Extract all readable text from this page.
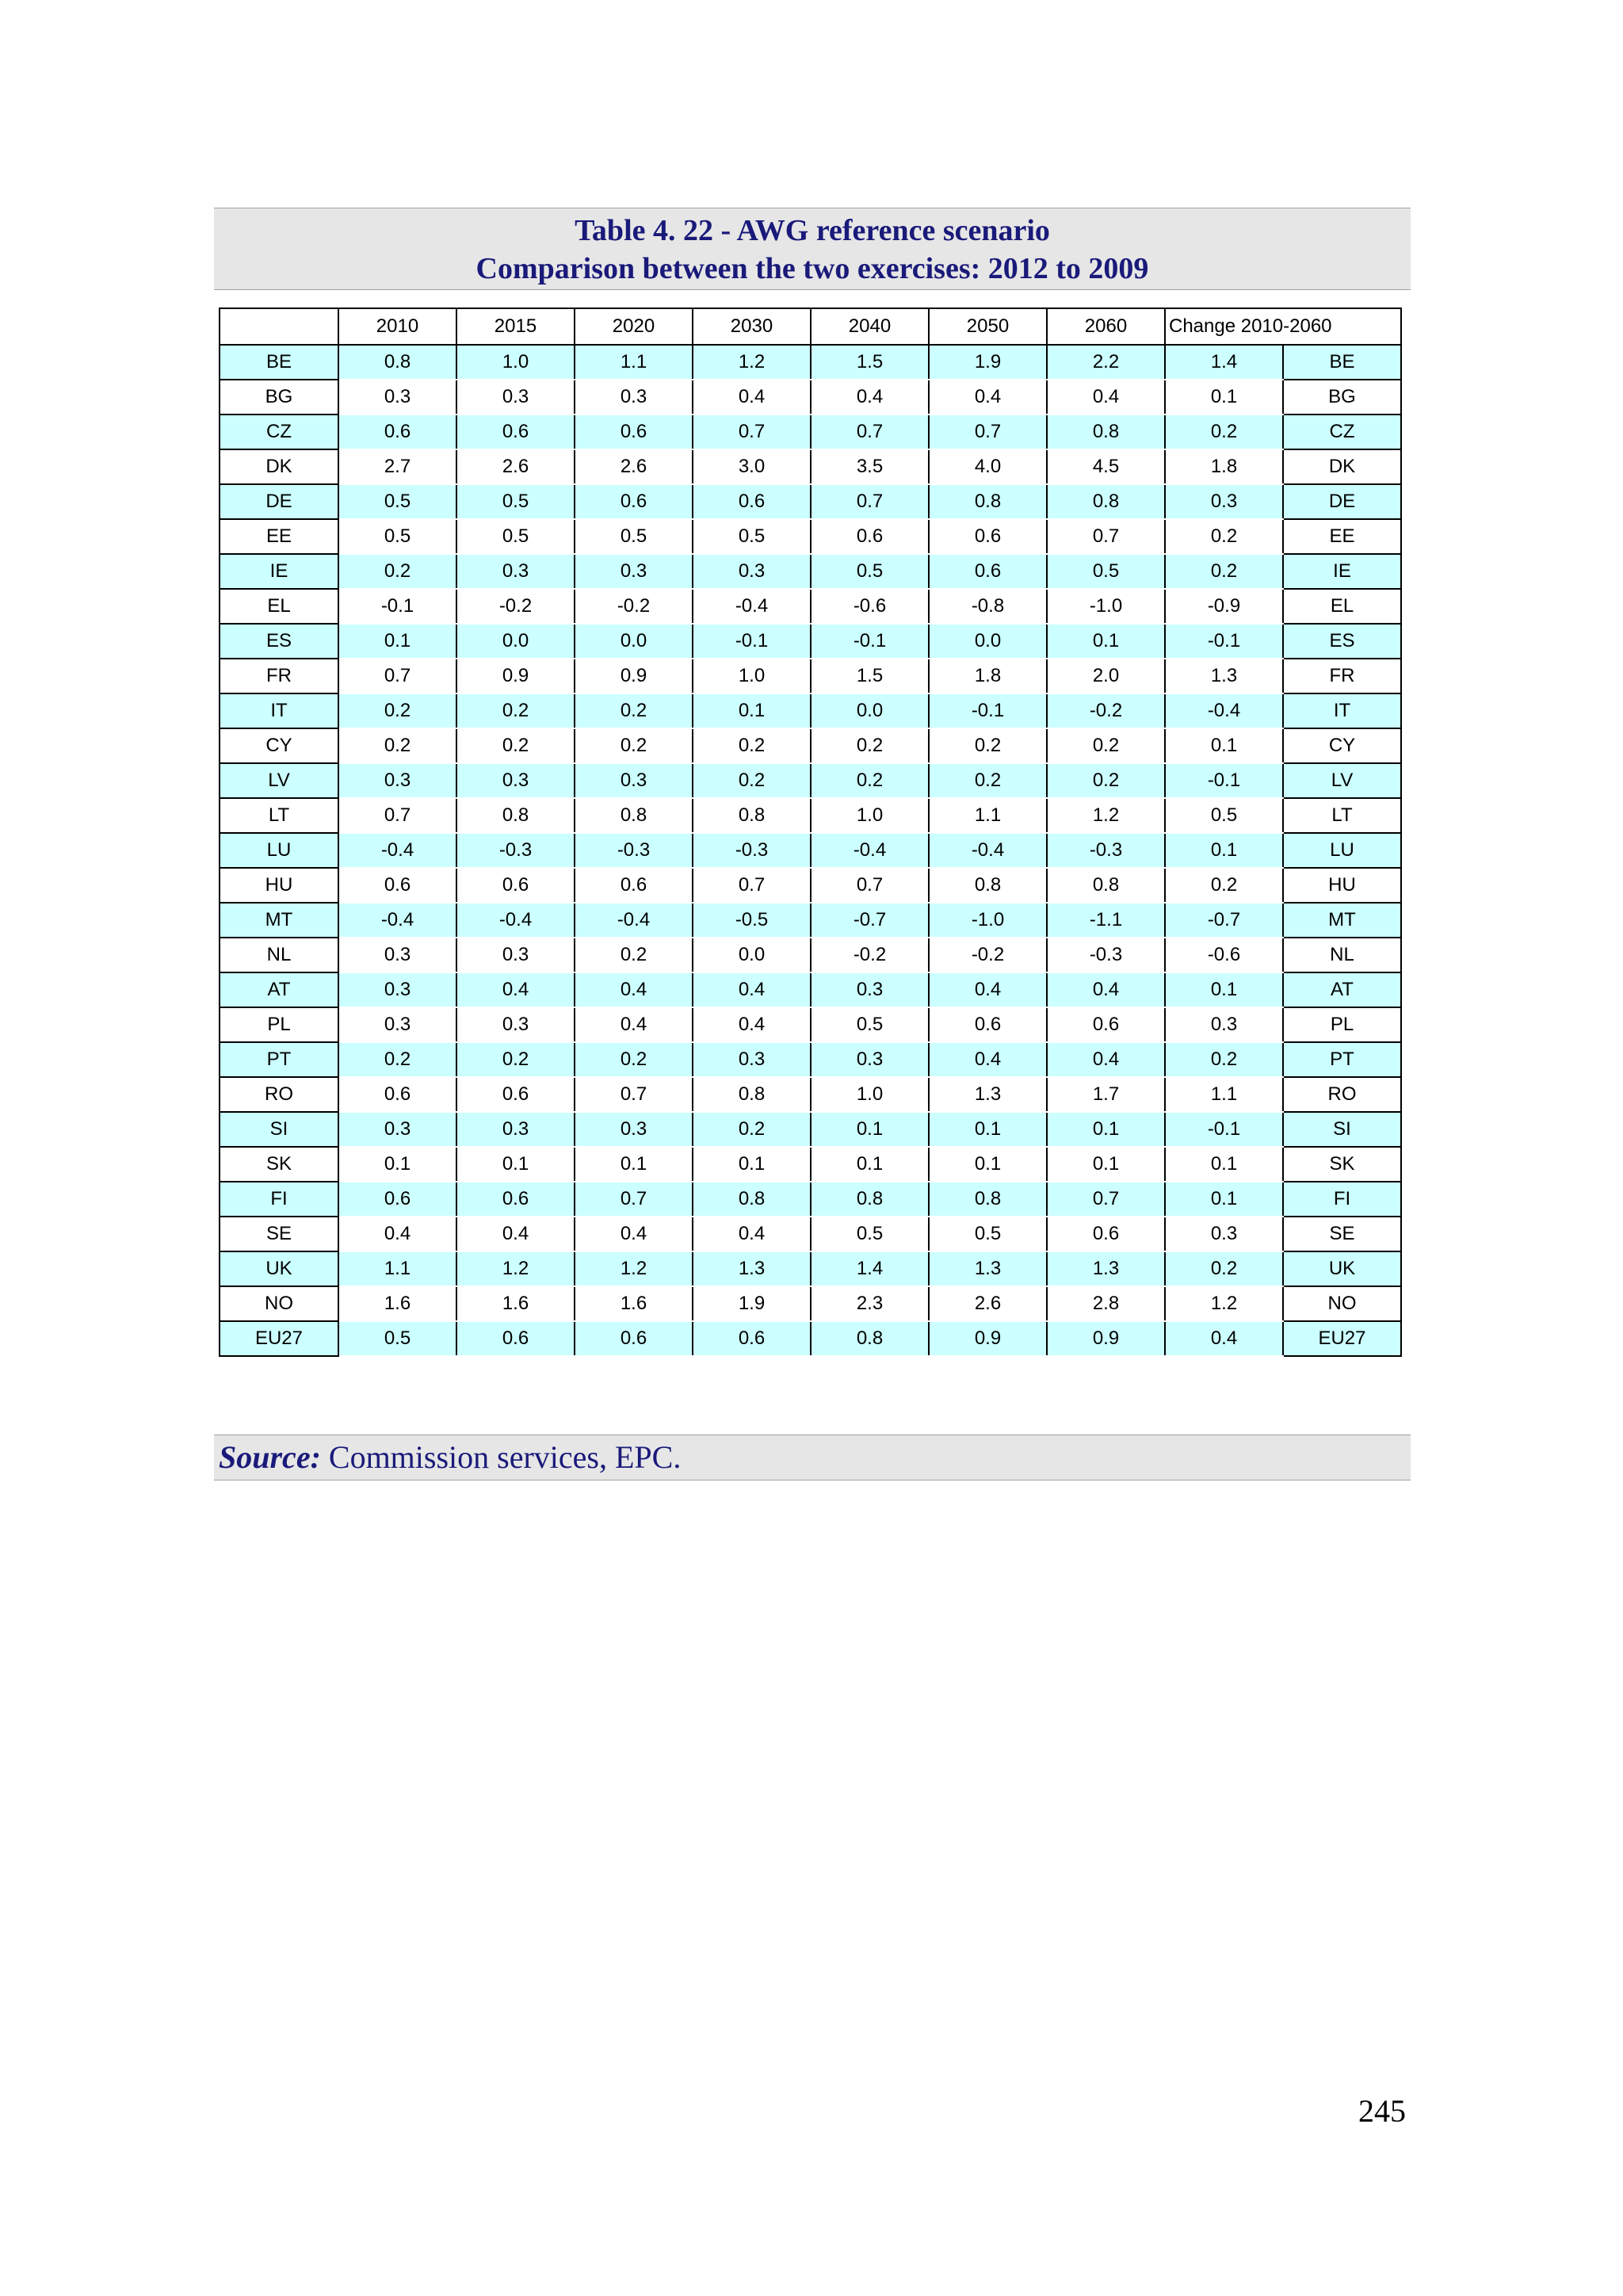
Table 4. 22 - AWG reference scenario
Comparison between the two exercises: 2012 to 2009
	2010	2015	2020	2030	2040	2050	2060	Change 2010-2060	
BE	0.8	1.0	1.1	1.2	1.5	1.9	2.2	1.4	BE
BG	0.3	0.3	0.3	0.4	0.4	0.4	0.4	0.1	BG
CZ	0.6	0.6	0.6	0.7	0.7	0.7	0.8	0.2	CZ
DK	2.7	2.6	2.6	3.0	3.5	4.0	4.5	1.8	DK
DE	0.5	0.5	0.6	0.6	0.7	0.8	0.8	0.3	DE
EE	0.5	0.5	0.5	0.5	0.6	0.6	0.7	0.2	EE
IE	0.2	0.3	0.3	0.3	0.5	0.6	0.5	0.2	IE
EL	-0.1	-0.2	-0.2	-0.4	-0.6	-0.8	-1.0	-0.9	EL
ES	0.1	0.0	0.0	-0.1	-0.1	0.0	0.1	-0.1	ES
FR	0.7	0.9	0.9	1.0	1.5	1.8	2.0	1.3	FR
IT	0.2	0.2	0.2	0.1	0.0	-0.1	-0.2	-0.4	IT
CY	0.2	0.2	0.2	0.2	0.2	0.2	0.2	0.1	CY
LV	0.3	0.3	0.3	0.2	0.2	0.2	0.2	-0.1	LV
LT	0.7	0.8	0.8	0.8	1.0	1.1	1.2	0.5	LT
LU	-0.4	-0.3	-0.3	-0.3	-0.4	-0.4	-0.3	0.1	LU
HU	0.6	0.6	0.6	0.7	0.7	0.8	0.8	0.2	HU
MT	-0.4	-0.4	-0.4	-0.5	-0.7	-1.0	-1.1	-0.7	MT
NL	0.3	0.3	0.2	0.0	-0.2	-0.2	-0.3	-0.6	NL
AT	0.3	0.4	0.4	0.4	0.3	0.4	0.4	0.1	AT
PL	0.3	0.3	0.4	0.4	0.5	0.6	0.6	0.3	PL
PT	0.2	0.2	0.2	0.3	0.3	0.4	0.4	0.2	PT
RO	0.6	0.6	0.7	0.8	1.0	1.3	1.7	1.1	RO
SI	0.3	0.3	0.3	0.2	0.1	0.1	0.1	-0.1	SI
SK	0.1	0.1	0.1	0.1	0.1	0.1	0.1	0.1	SK
FI	0.6	0.6	0.7	0.8	0.8	0.8	0.7	0.1	FI
SE	0.4	0.4	0.4	0.4	0.5	0.5	0.6	0.3	SE
UK	1.1	1.2	1.2	1.3	1.4	1.3	1.3	0.2	UK
NO	1.6	1.6	1.6	1.9	2.3	2.6	2.8	1.2	NO
EU27	0.5	0.6	0.6	0.6	0.8	0.9	0.9	0.4	EU27
Source: Commission services, EPC.
245
